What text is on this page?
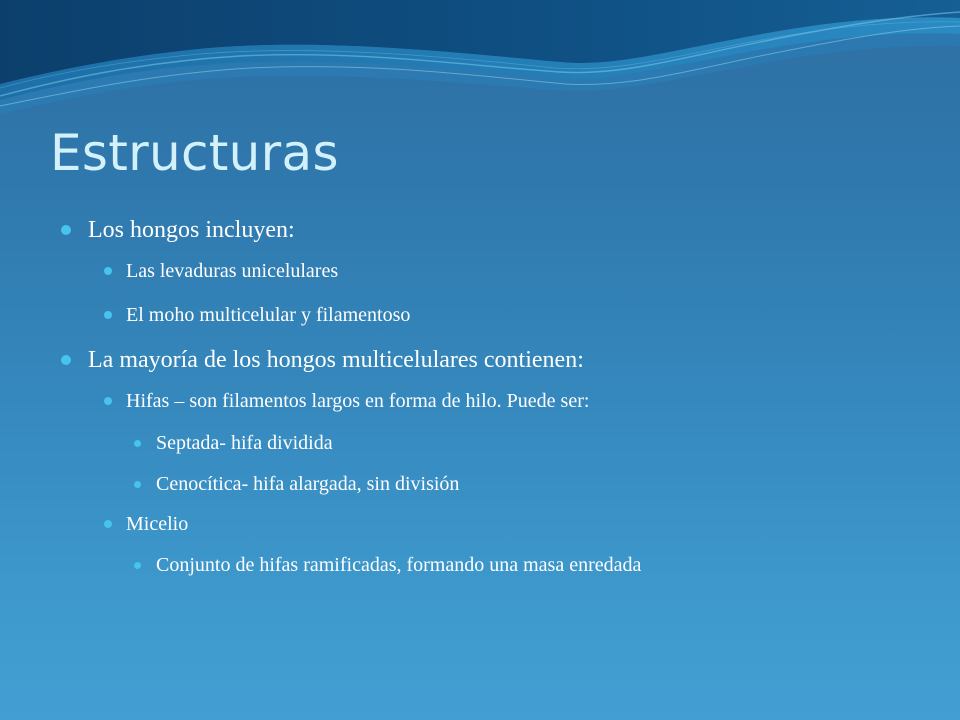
Estructuras
Los hongos incluyen:
Las levaduras unicelulares
El moho multicelular y filamentoso
La mayoría de los hongos multicelulares contienen:
Hifas – son filamentos largos en forma de hilo. Puede ser:
Septada- hifa dividida
Cenocítica- hifa alargada, sin división
Micelio
Conjunto de hifas ramificadas, formando una masa enredada
